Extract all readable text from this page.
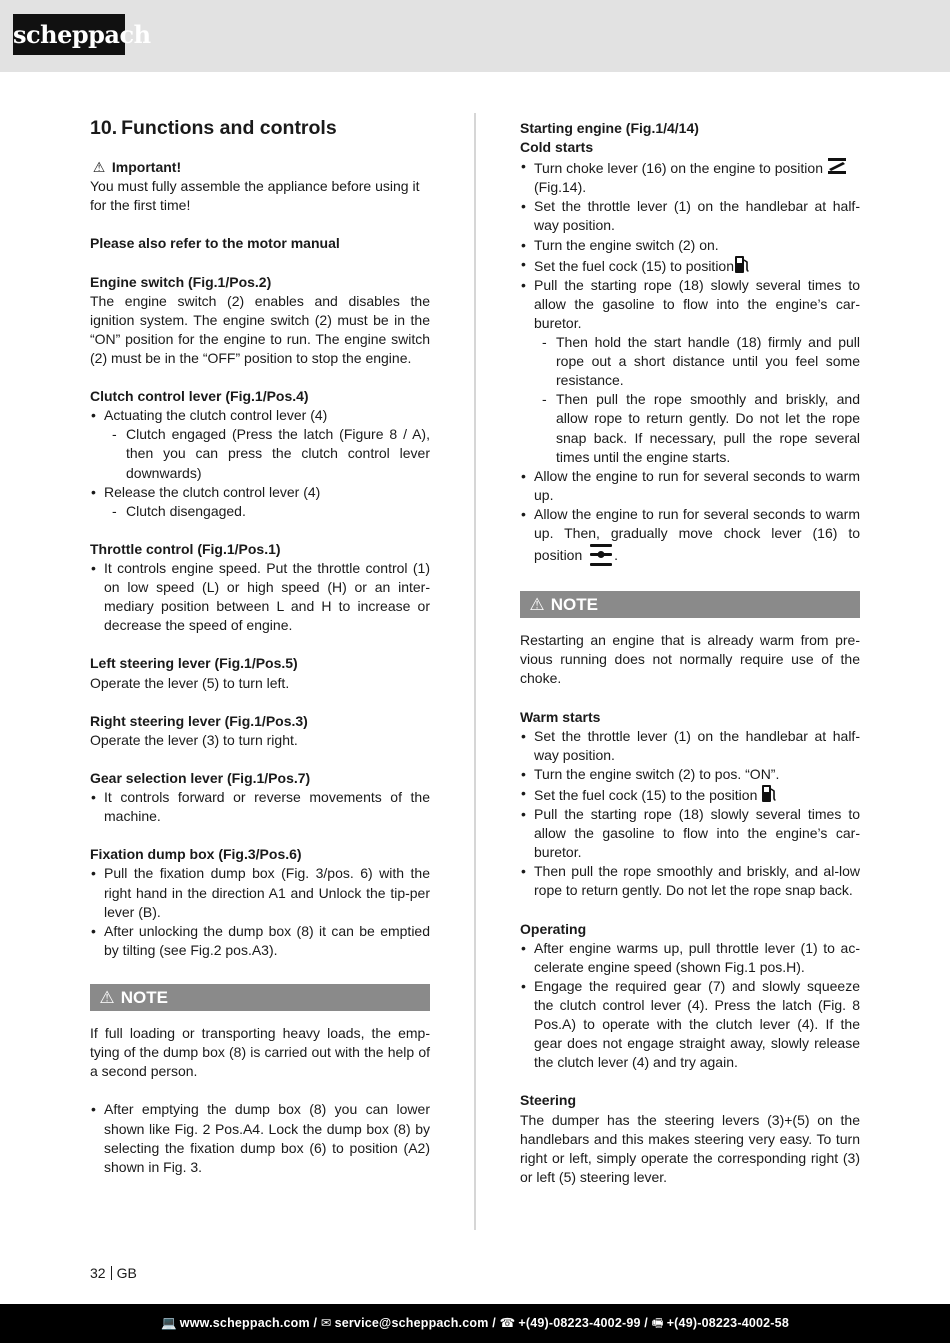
scheppach
10. Functions and controls

⚠ Important!

You must fully assemble the appliance before using it for the first time!

Please also refer to the motor manual

Engine switch (Fig.1/Pos.2)

The engine switch (2) enables and disables the ignition system. The engine switch (2) must be in the “ON” position for the engine to run. The engine switch (2) must be in the “OFF” position to stop the engine.

Clutch control lever (Fig.1/Pos.4)

• Actuating the clutch control lever (4)
- Clutch engaged (Press the latch (Figure 8 / A), then you can press the clutch control lever downwards)
• Release the clutch control lever (4)
- Clutch disengaged.

Throttle control (Fig.1/Pos.1)

• It controls engine speed. Put the throttle control (1) on low speed (L) or high speed (H) or an inter-mediary position between L and H to increase or decrease the speed of engine.

Left steering lever (Fig.1/Pos.5)

Operate the lever (5) to turn left.

Right steering lever (Fig.1/Pos.3)

Operate the lever (3) to turn right.

Gear selection lever (Fig.1/Pos.7)

• It controls forward or reverse movements of the machine.

Fixation dump box (Fig.3/Pos.6)

• Pull the fixation dump box (Fig. 3/pos. 6) with the right hand in the direction A1 and Unlock the tip-per lever (B).
• After unlocking the dump box (8) it can be emptied by tilting (see Fig.2 pos.A3).
⚠ NOTE

If full loading or transporting heavy loads, the emp-tying of the dump box (8) is carried out with the help of a second person.

• After emptying the dump box (8) you can lower shown like Fig. 2 Pos.A4. Lock the dump box (8) by selecting the fixation dump box (6) to position (A2) shown in Fig. 3.

Starting engine (Fig.1/4/14)

Cold starts

• Turn choke lever (16) on the engine to position
(Fig.14).
• Set the throttle lever (1) on the handlebar at half-way position.
• Turn the engine switch (2) on.
• Set the fuel cock (15) to position
• Pull the starting rope (18) slowly several times to allow the gasoline to flow into the engine’s car-buretor.
- Then hold the start handle (18) firmly and pull rope out a short distance until you feel some resistance.
- Then pull the rope smoothly and briskly, and allow rope to return gently. Do not let the rope snap back. If necessary, pull the rope several times until the engine starts.
• Allow the engine to run for several seconds to warm up.
• Allow the engine to run for several seconds to warm up. Then, gradually move chock lever (16) to position .
⚠ NOTE

Restarting an engine that is already warm from pre-vious running does not normally require use of the choke.

Warm starts

• Set the throttle lever (1) on the handlebar at half-way position.
• Turn the engine switch (2) to pos. “ON”.
• Set the fuel cock (15) to the position
• Pull the starting rope (18) slowly several times to allow the gasoline to flow into the engine’s car-buretor.
• Then pull the rope smoothly and briskly, and al-low rope to return gently. Do not let the rope snap back.

Operating

• After engine warms up, pull throttle lever (1) to ac-celerate engine speed (shown Fig.1 pos.H).
• Engage the required gear (7) and slowly squeeze the clutch control lever (4). Press the latch (Fig. 8 Pos.A) to operate with the clutch lever (4). If the gear does not engage straight away, slowly release the clutch lever (4) and try again.

Steering

The dumper has the steering levers (3)+(5) on the handlebars and this makes steering very easy. To turn right or left, simply operate the corresponding right (3) or left (5) steering lever.

32 GB
💻 www.scheppach.com / ✉ service@scheppach.com / ☎ +(49)-08223-4002-99 / 🖷 +(49)-08223-4002-58
